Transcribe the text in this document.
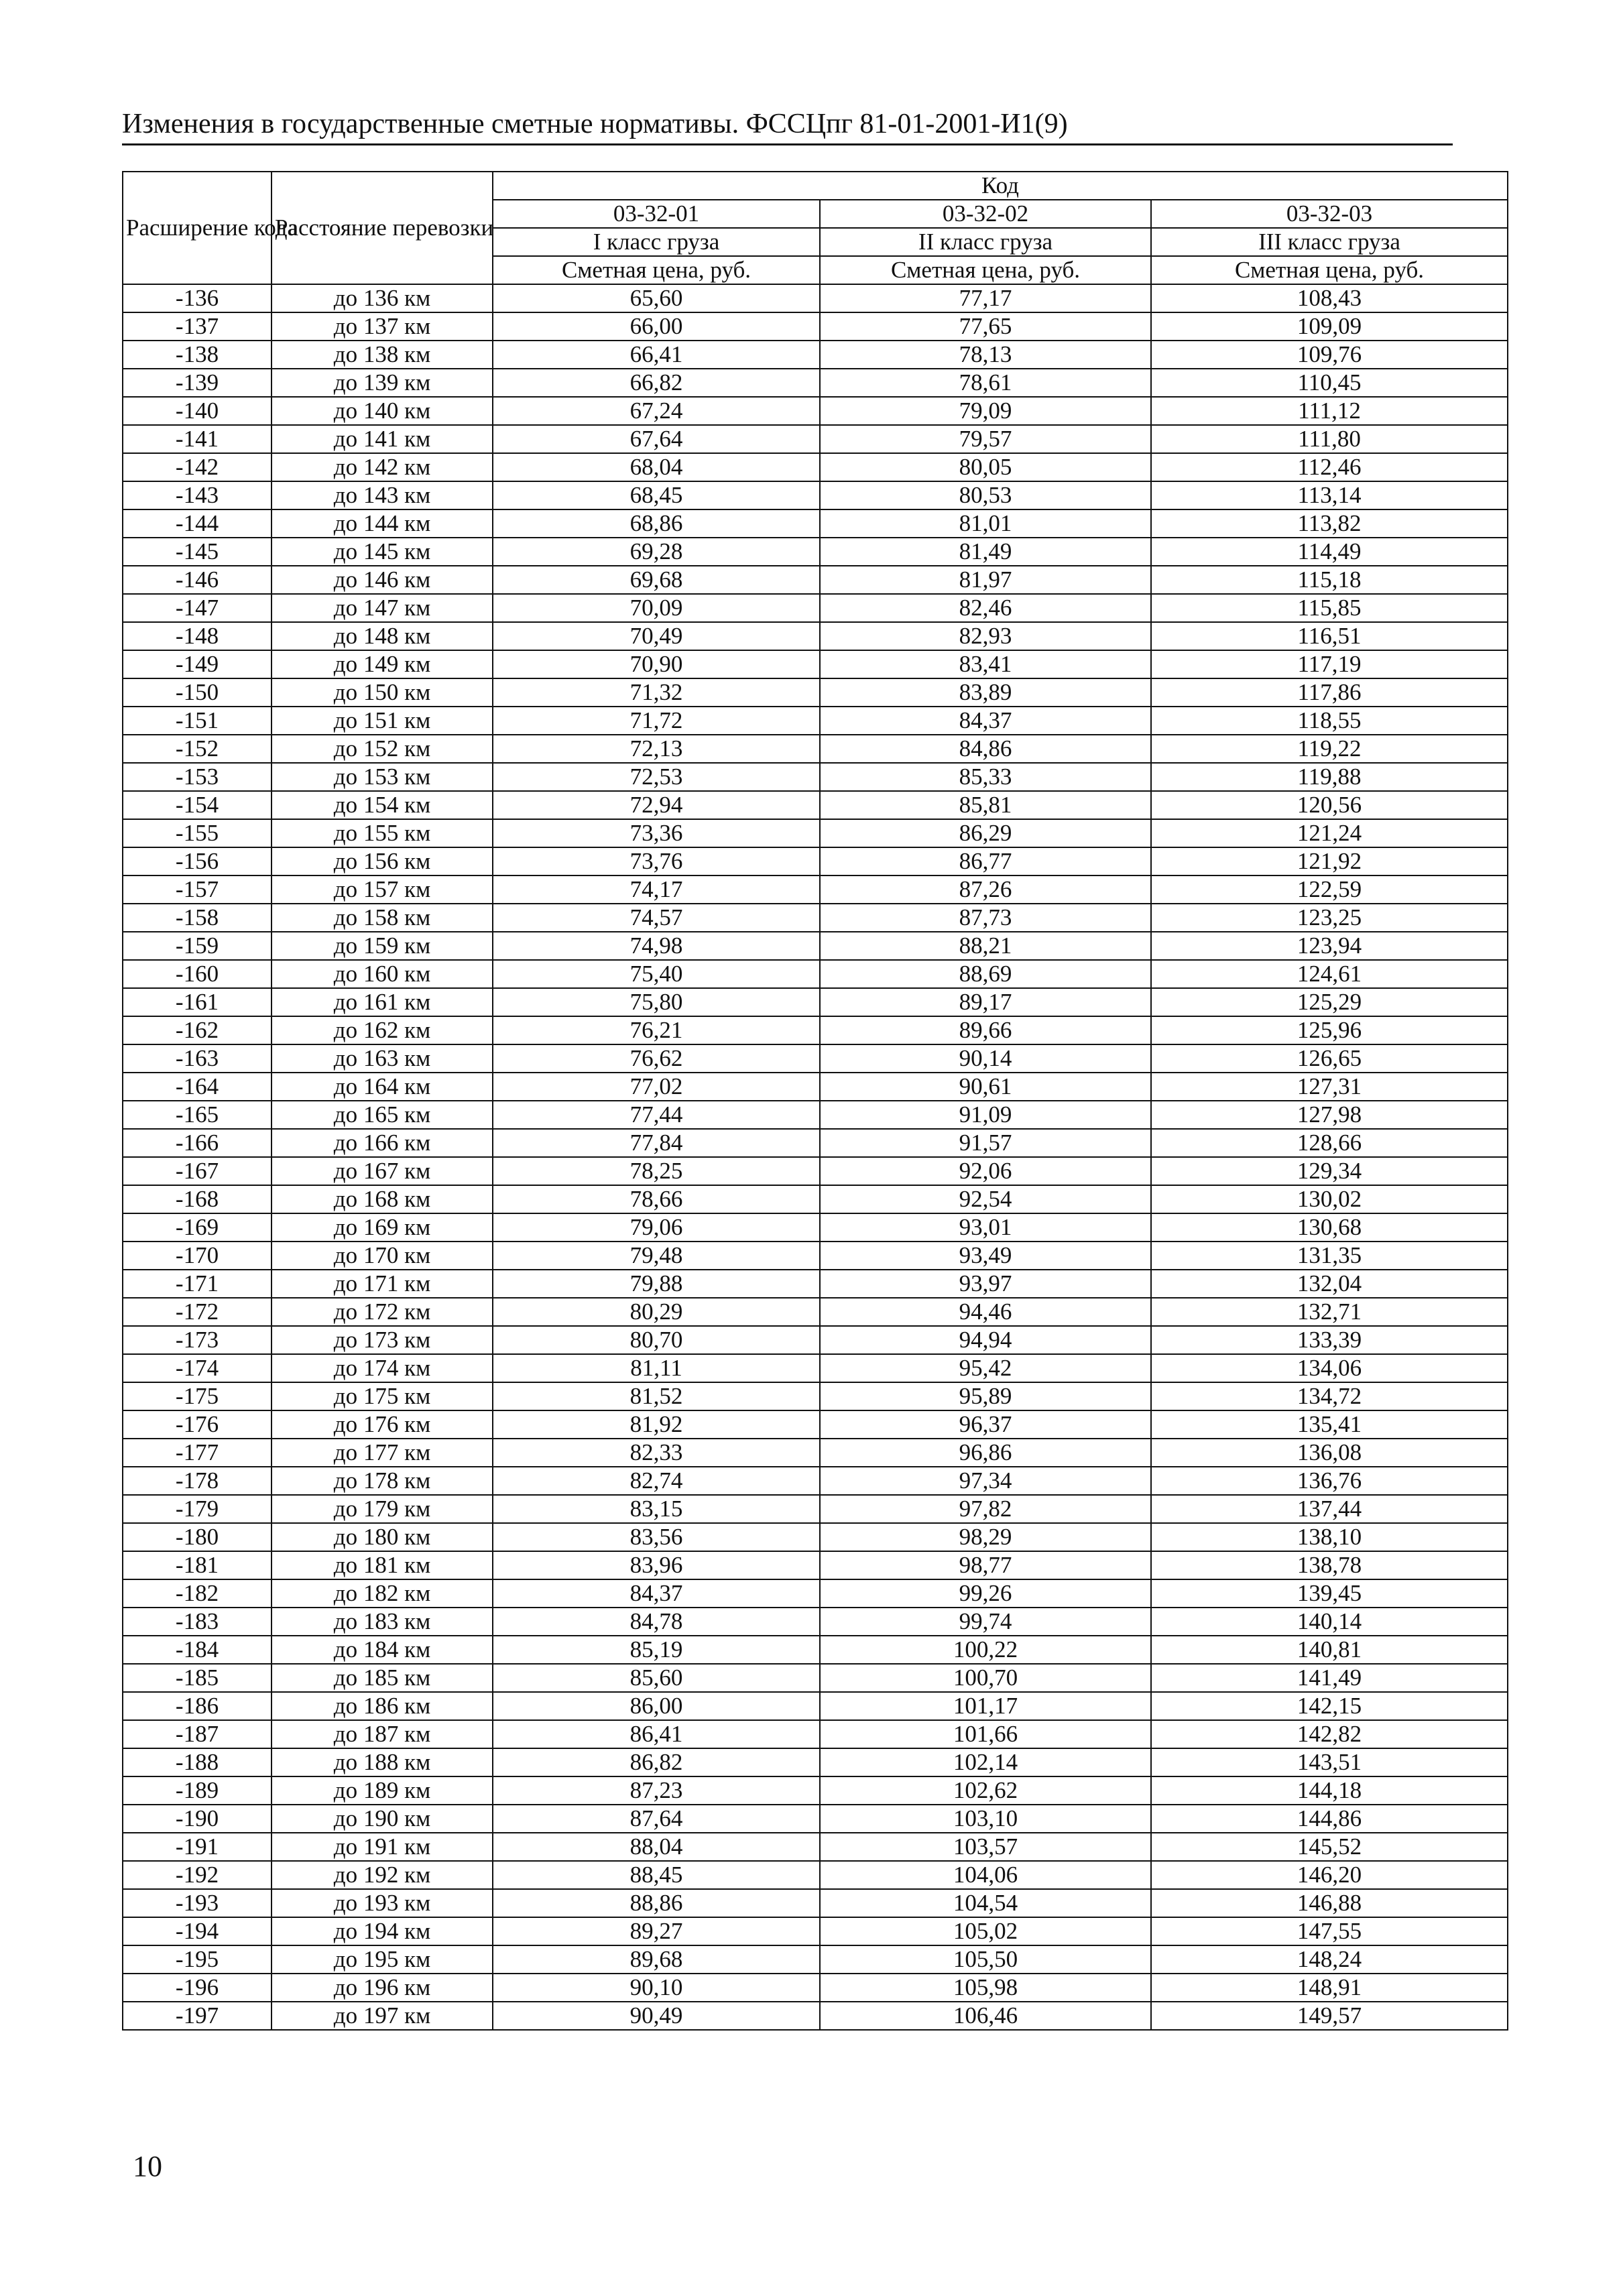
Изменения в государственные сметные нормативы. ФССЦпг 81-01-2001-И1(9)
Расширение кода	Расстояние перевозки	Код		
		03-32-01	03-32-02	03-32-03
		I класс груза	II класс груза	III класс груза
		Сметная цена, руб.	Сметная цена, руб.	Сметная цена, руб.
-136	до 136 км	65,60	77,17	108,43
-137	до 137 км	66,00	77,65	109,09
-138	до 138 км	66,41	78,13	109,76
-139	до 139 км	66,82	78,61	110,45
-140	до 140 км	67,24	79,09	111,12
-141	до 141 км	67,64	79,57	111,80
-142	до 142 км	68,04	80,05	112,46
-143	до 143 км	68,45	80,53	113,14
-144	до 144 км	68,86	81,01	113,82
-145	до 145 км	69,28	81,49	114,49
-146	до 146 км	69,68	81,97	115,18
-147	до 147 км	70,09	82,46	115,85
-148	до 148 км	70,49	82,93	116,51
-149	до 149 км	70,90	83,41	117,19
-150	до 150 км	71,32	83,89	117,86
-151	до 151 км	71,72	84,37	118,55
-152	до 152 км	72,13	84,86	119,22
-153	до 153 км	72,53	85,33	119,88
-154	до 154 км	72,94	85,81	120,56
-155	до 155 км	73,36	86,29	121,24
-156	до 156 км	73,76	86,77	121,92
-157	до 157 км	74,17	87,26	122,59
-158	до 158 км	74,57	87,73	123,25
-159	до 159 км	74,98	88,21	123,94
-160	до 160 км	75,40	88,69	124,61
-161	до 161 км	75,80	89,17	125,29
-162	до 162 км	76,21	89,66	125,96
-163	до 163 км	76,62	90,14	126,65
-164	до 164 км	77,02	90,61	127,31
-165	до 165 км	77,44	91,09	127,98
-166	до 166 км	77,84	91,57	128,66
-167	до 167 км	78,25	92,06	129,34
-168	до 168 км	78,66	92,54	130,02
-169	до 169 км	79,06	93,01	130,68
-170	до 170 км	79,48	93,49	131,35
-171	до 171 км	79,88	93,97	132,04
-172	до 172 км	80,29	94,46	132,71
-173	до 173 км	80,70	94,94	133,39
-174	до 174 км	81,11	95,42	134,06
-175	до 175 км	81,52	95,89	134,72
-176	до 176 км	81,92	96,37	135,41
-177	до 177 км	82,33	96,86	136,08
-178	до 178 км	82,74	97,34	136,76
-179	до 179 км	83,15	97,82	137,44
-180	до 180 км	83,56	98,29	138,10
-181	до 181 км	83,96	98,77	138,78
-182	до 182 км	84,37	99,26	139,45
-183	до 183 км	84,78	99,74	140,14
-184	до 184 км	85,19	100,22	140,81
-185	до 185 км	85,60	100,70	141,49
-186	до 186 км	86,00	101,17	142,15
-187	до 187 км	86,41	101,66	142,82
-188	до 188 км	86,82	102,14	143,51
-189	до 189 км	87,23	102,62	144,18
-190	до 190 км	87,64	103,10	144,86
-191	до 191 км	88,04	103,57	145,52
-192	до 192 км	88,45	104,06	146,20
-193	до 193 км	88,86	104,54	146,88
-194	до 194 км	89,27	105,02	147,55
-195	до 195 км	89,68	105,50	148,24
-196	до 196 км	90,10	105,98	148,91
-197	до 197 км	90,49	106,46	149,57
10
